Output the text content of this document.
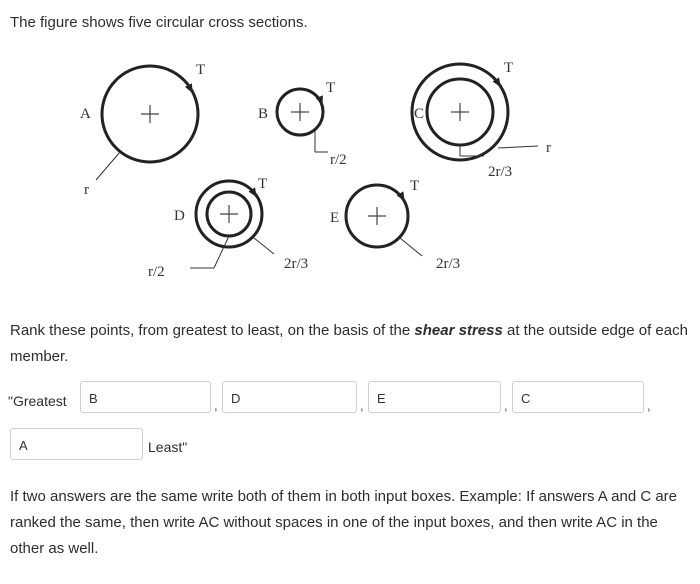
The figure shows five circular cross sections.
A
T
r
B
T
r/2
C
T
2r/3
r
D
T
r/2	2r/3
E
T
2r/3
Rank these points, from greatest to least, on the basis of the shear stress at the outside edge of each member.
"Greatest	B	,	D	,	E	,	C	,
A	Least"
If two answers are the same write both of them in both input boxes. Example: If answers A and C are ranked the same, then write AC without spaces in one of the input boxes, and then write AC in the other as well.
